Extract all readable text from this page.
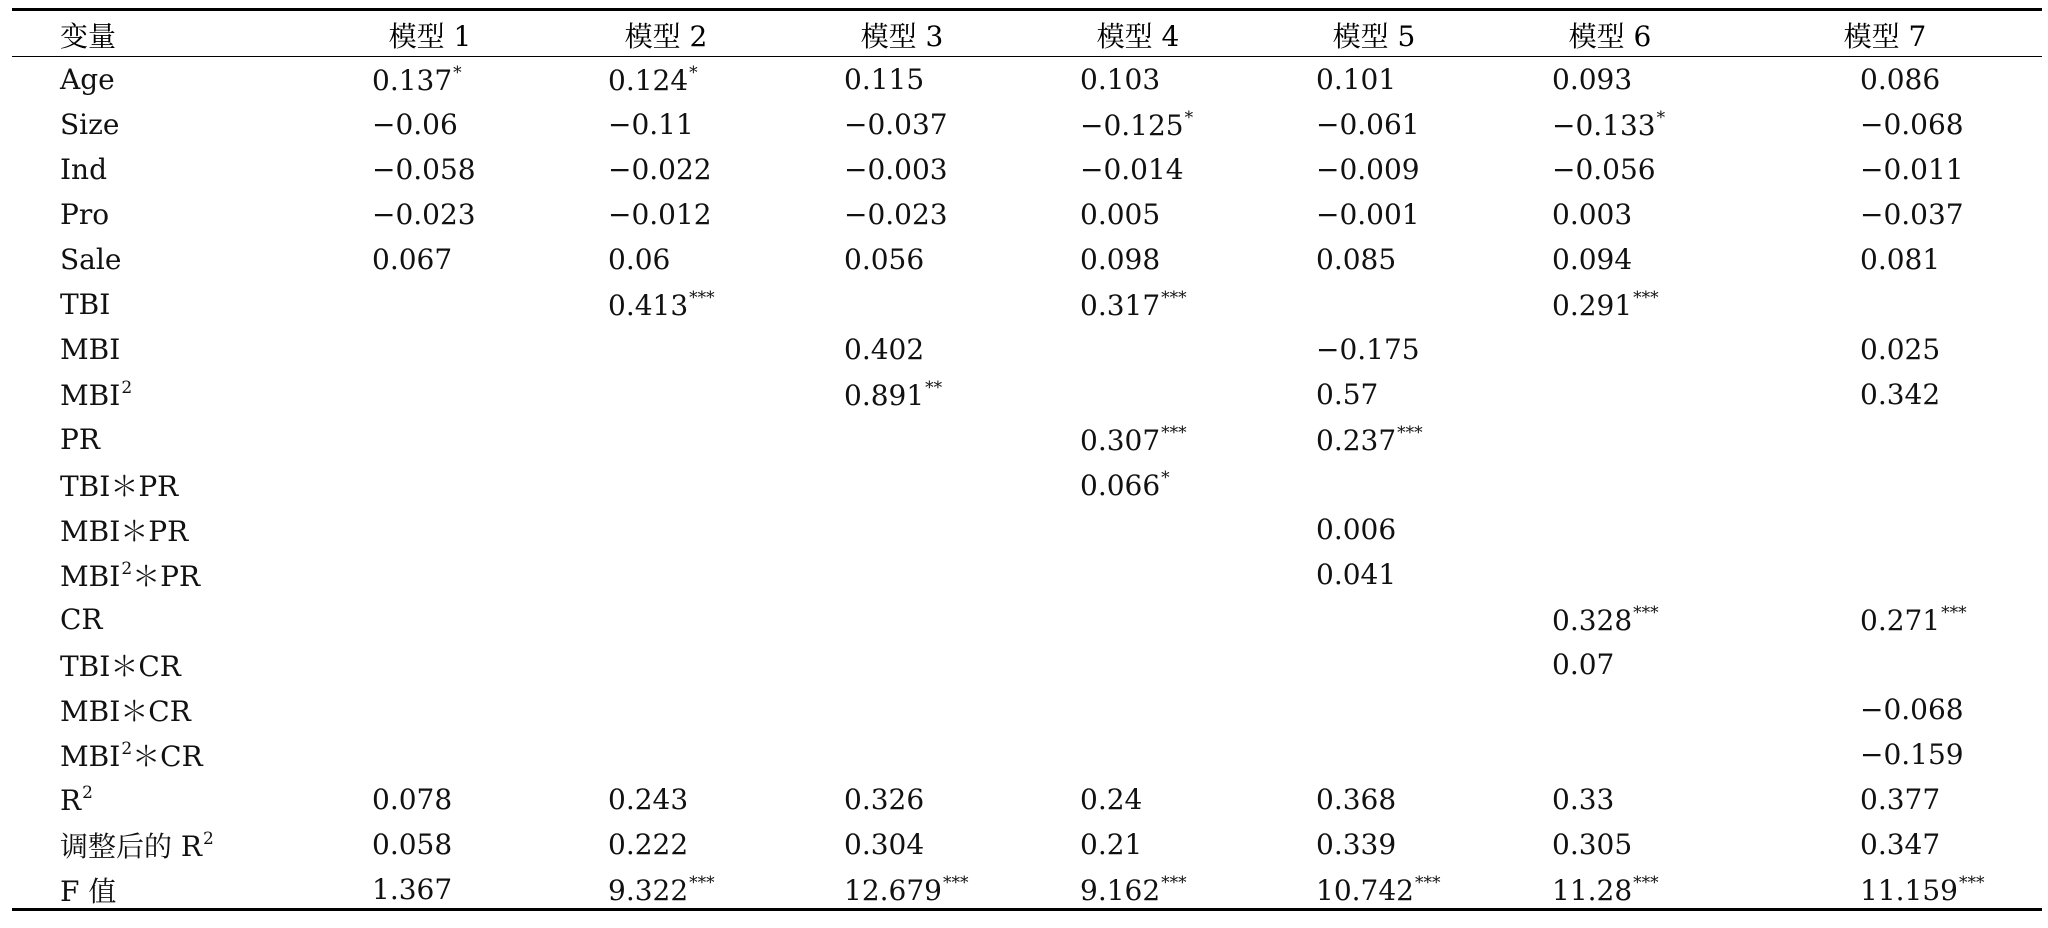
变量	模型 1	模型 2	模型 3	模型 4	模型 5	模型 6	模型 7
Age	0.137*	0.124*	0.115	0.103	0.101	0.093	0.086
Size	−0.06	−0.11	−0.037	−0.125*	−0.061	−0.133*	−0.068
Ind	−0.058	−0.022	−0.003	−0.014	−0.009	−0.056	−0.011
Pro	−0.023	−0.012	−0.023	0.005	−0.001	0.003	−0.037
Sale	0.067	0.06	0.056	0.098	0.085	0.094	0.081
TBI		0.413***		0.317***		0.291***	
MBI			0.402		−0.175		0.025
MBI$^2$			0.891**		0.57		0.342
PR				0.307***	0.237***		
TBI＊PR				0.066*			
MBI＊PR					0.006		
MBI$^2$＊PR					0.041		
CR						0.328***	0.271***
TBI＊CR						0.07	
MBI＊CR							−0.068
MBI$^2$＊CR							−0.159
$R^2$	0.078	0.243	0.326	0.24	0.368	0.33	0.377
调整后的 $R^2$	0.058	0.222	0.304	0.21	0.339	0.305	0.347
F 值	1.367	9.322***	12.679***	9.162***	10.742***	11.28***	11.159***
